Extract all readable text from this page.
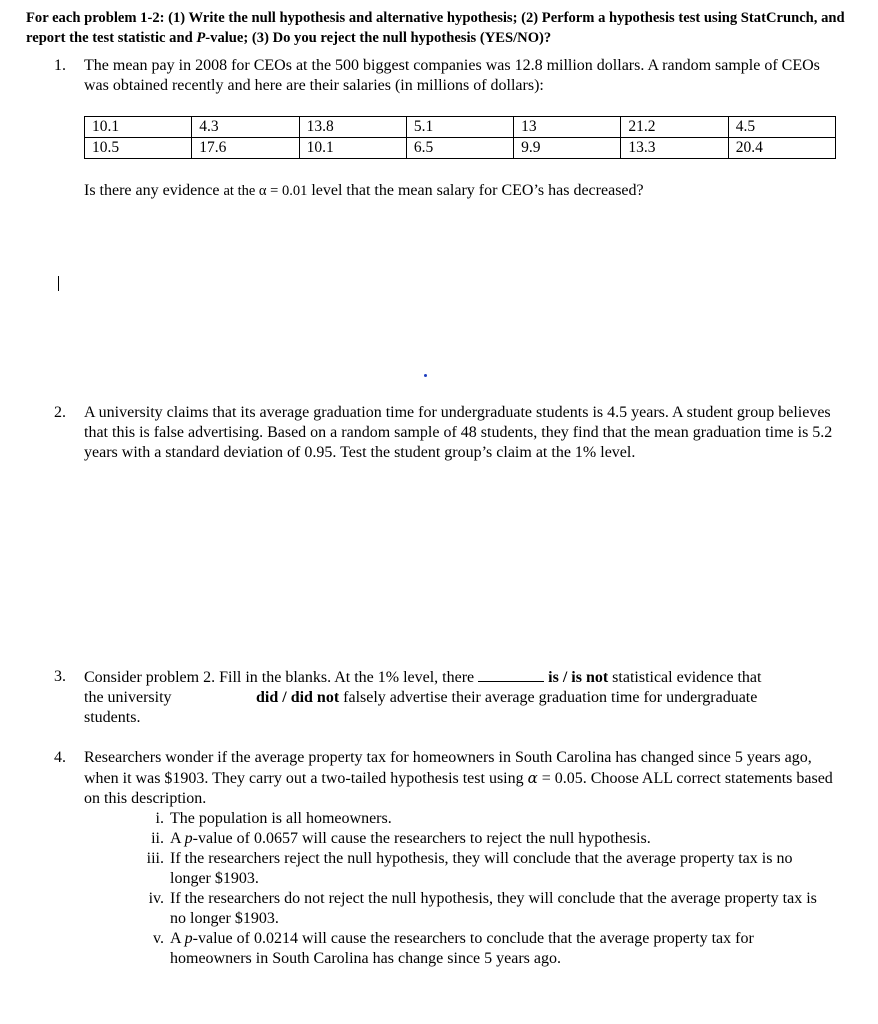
For each problem 1-2: (1) Write the null hypothesis and alternative hypothesis; (2) Perform a hypothesis test using StatCrunch, and report the test statistic and P-value; (3) Do you reject the null hypothesis (YES/NO)?
1.	The mean pay in 2008 for CEOs at the 500 biggest companies was 12.8 million dollars. A random sample of CEOs was obtained recently and here are their salaries (in millions of dollars):
10.1	4.3	13.8	5.1	13	21.2	4.5
10.5	17.6	10.1	6.5	9.9	13.3	20.4
Is there any evidence at the α = 0.01 level that the mean salary for CEO’s has decreased?
2.	A university claims that its average graduation time for undergraduate students is 4.5 years. A student group believes that this is false advertising. Based on a random sample of 48 students, they find that the mean graduation time is 5.2 years with a standard deviation of 0.95. Test the student group’s claim at the 1% level.
3.	Consider problem 2. Fill in the blanks. At the 1% level, there	is / is not statistical evidence that
the university	did / did not falsely advertise their average graduation time for undergraduate
students.
4.	Researchers wonder if the average property tax for homeowners in South Carolina has changed since 5 years ago, when it was $1903. They carry out a two-tailed hypothesis test using α = 0.05. Choose ALL correct statements based on this description.
i. The population is all homeowners.
ii. A p-value of 0.0657 will cause the researchers to reject the null hypothesis.
iii. If the researchers reject the null hypothesis, they will conclude that the average property tax is no longer $1903.
iv. If the researchers do not reject the null hypothesis, they will conclude that the average property tax is no longer $1903.
v. A p-value of 0.0214 will cause the researchers to conclude that the average property tax for homeowners in South Carolina has change since 5 years ago.
